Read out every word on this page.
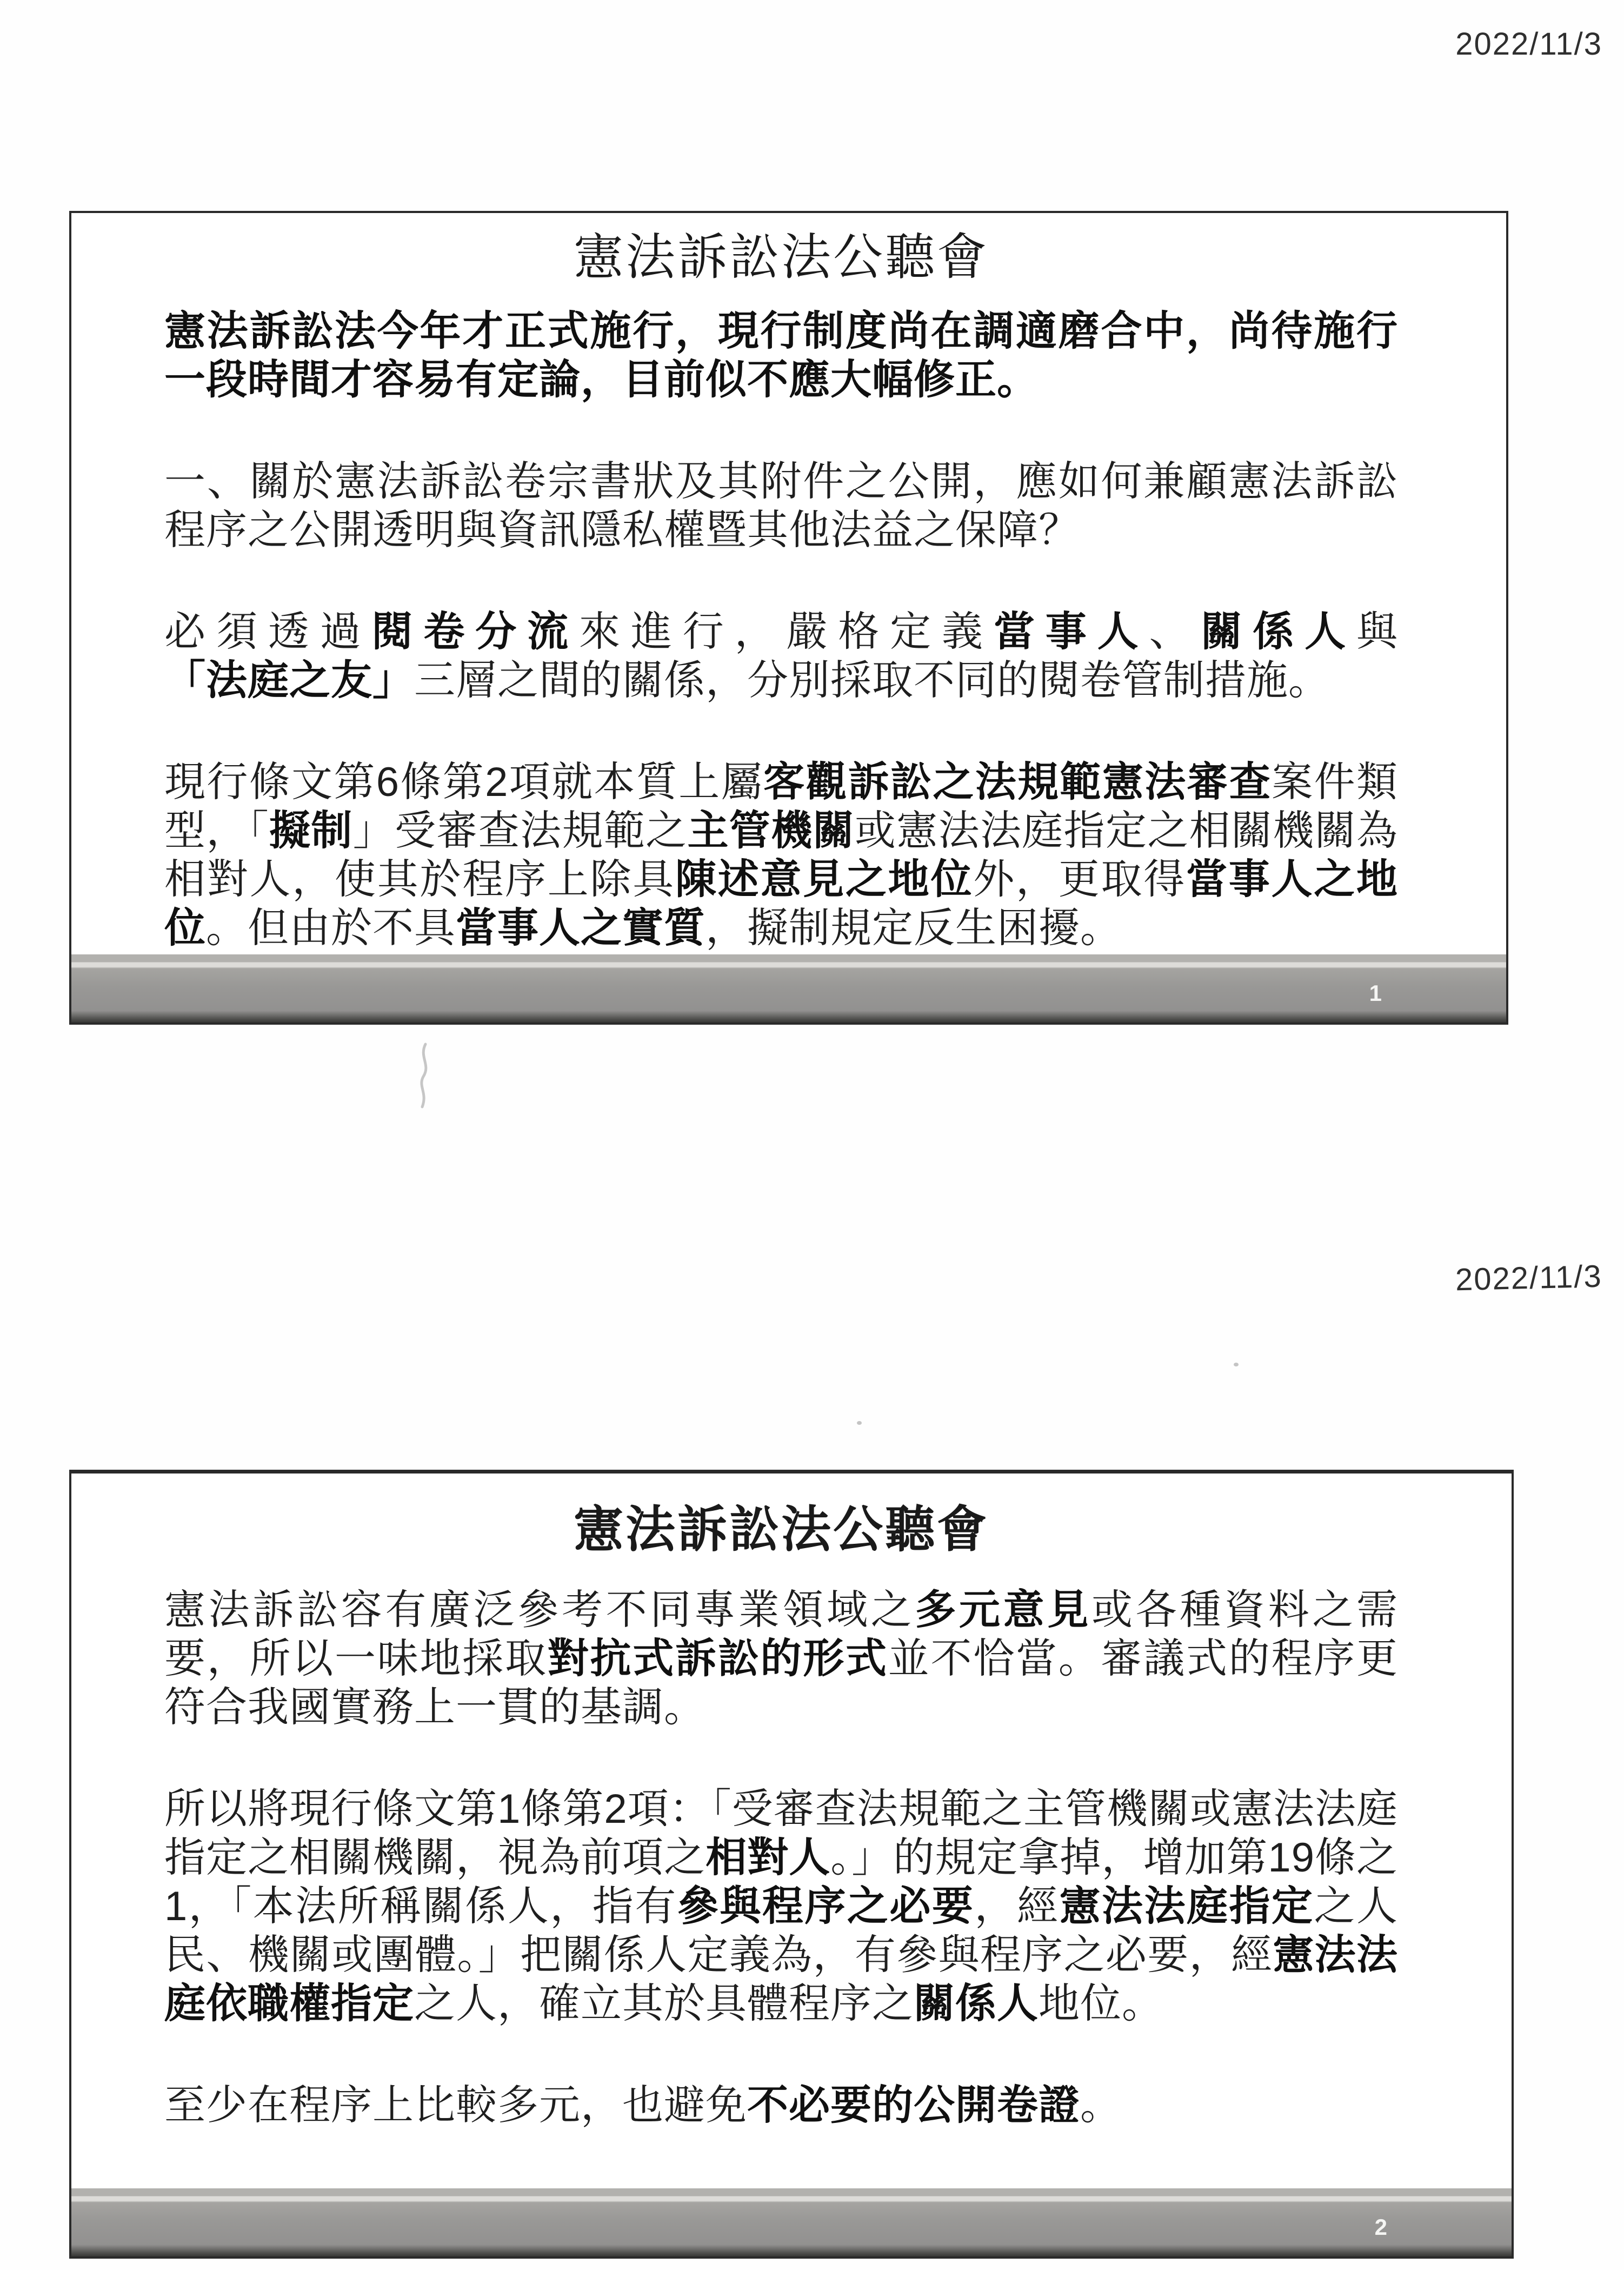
2022/11/3
憲法訴訟法公聽會

憲法訴訟法今年才正式施行，現行制度尚在調適磨合中，尚待施行一段時間才容易有定論，目前似不應大幅修正。

一、關於憲法訴訟卷宗書狀及其附件之公開，應如何兼顧憲法訴訟程序之公開透明與資訊隱私權暨其他法益之保障？

必須透過閱卷分流來進行，嚴格定義當事人、關係人與「法庭之友」三層之間的關係，分別採取不同的閱卷管制措施。

現行條文第6條第2項就本質上屬客觀訴訟之法規範憲法審查案件類型，「擬制」受審查法規範之主管機關或憲法法庭指定之相關機關為相對人，使其於程序上除具陳述意見之地位外，更取得當事人之地位。但由於不具當事人之實質，擬制規定反生困擾。

1
2022/11/3
憲法訴訟法公聽會

憲法訴訟容有廣泛參考不同專業領域之多元意見或各種資料之需要，所以一味地採取對抗式訴訟的形式並不恰當。審議式的程序更符合我國實務上一貫的基調。

所以將現行條文第1條第2項：「受審查法規範之主管機關或憲法法庭指定之相關機關，視為前項之相對人。」的規定拿掉，增加第19條之1，「本法所稱關係人，指有參與程序之必要，經憲法法庭指定之人民、機關或團體。」把關係人定義為，有參與程序之必要，經憲法法庭依職權指定之人，確立其於具體程序之關係人地位。

至少在程序上比較多元，也避免不必要的公開卷證。

2
